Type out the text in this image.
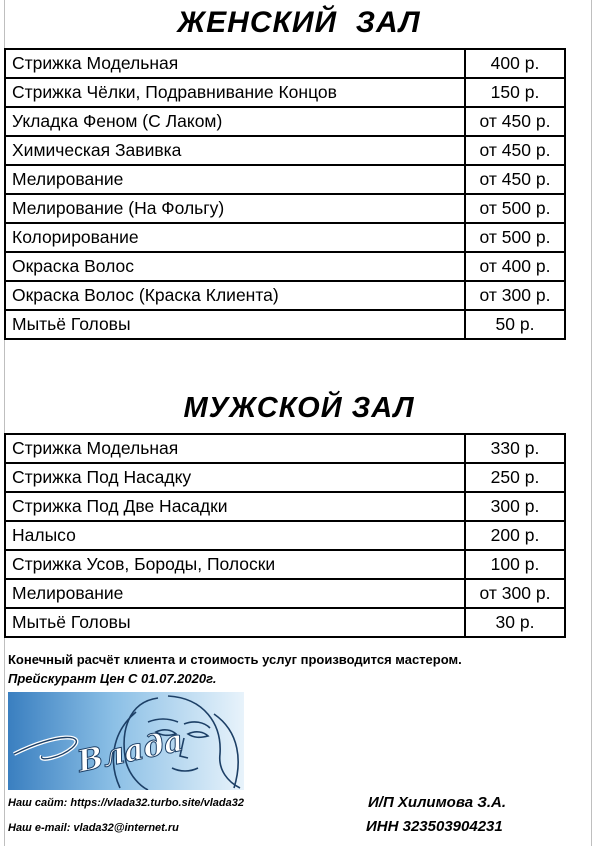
ЖЕНСКИЙ  ЗАЛ
Стрижка Модельная	400 р.
Стрижка Чёлки, Подравнивание Концов	150 р.
Укладка Феном (С Лаком)	от 450 р.
Химическая Завивка	от 450 р.
Мелирование	от 450 р.
Мелирование (На Фольгу)	от 500 р.
Колорирование	от 500 р.
Окраска Волос	от 400 р.
Окраска Волос (Краска Клиента)	от 300 р.
Мытьё Головы	50 р.
МУЖСКОЙ ЗАЛ
Стрижка Модельная	330 р.
Стрижка Под Насадку	250 р.
Стрижка Под Две Насадки	300 р.
Налысо	200 р.
Стрижка Усов, Бороды, Полоски	100 р.
Мелирование	от 300 р.
Мытьё Головы	30 р.
Конечный расчёт клиента и стоимость услуг производится мастером.
Прейскурант Цен С 01.07.2020г.
Влада
Наш сайт: https://vlada32.turbo.site/vlada32
Наш e-mail: vlada32@internet.ru
И/П Хилимова З.А.
ИНН 323503904231
